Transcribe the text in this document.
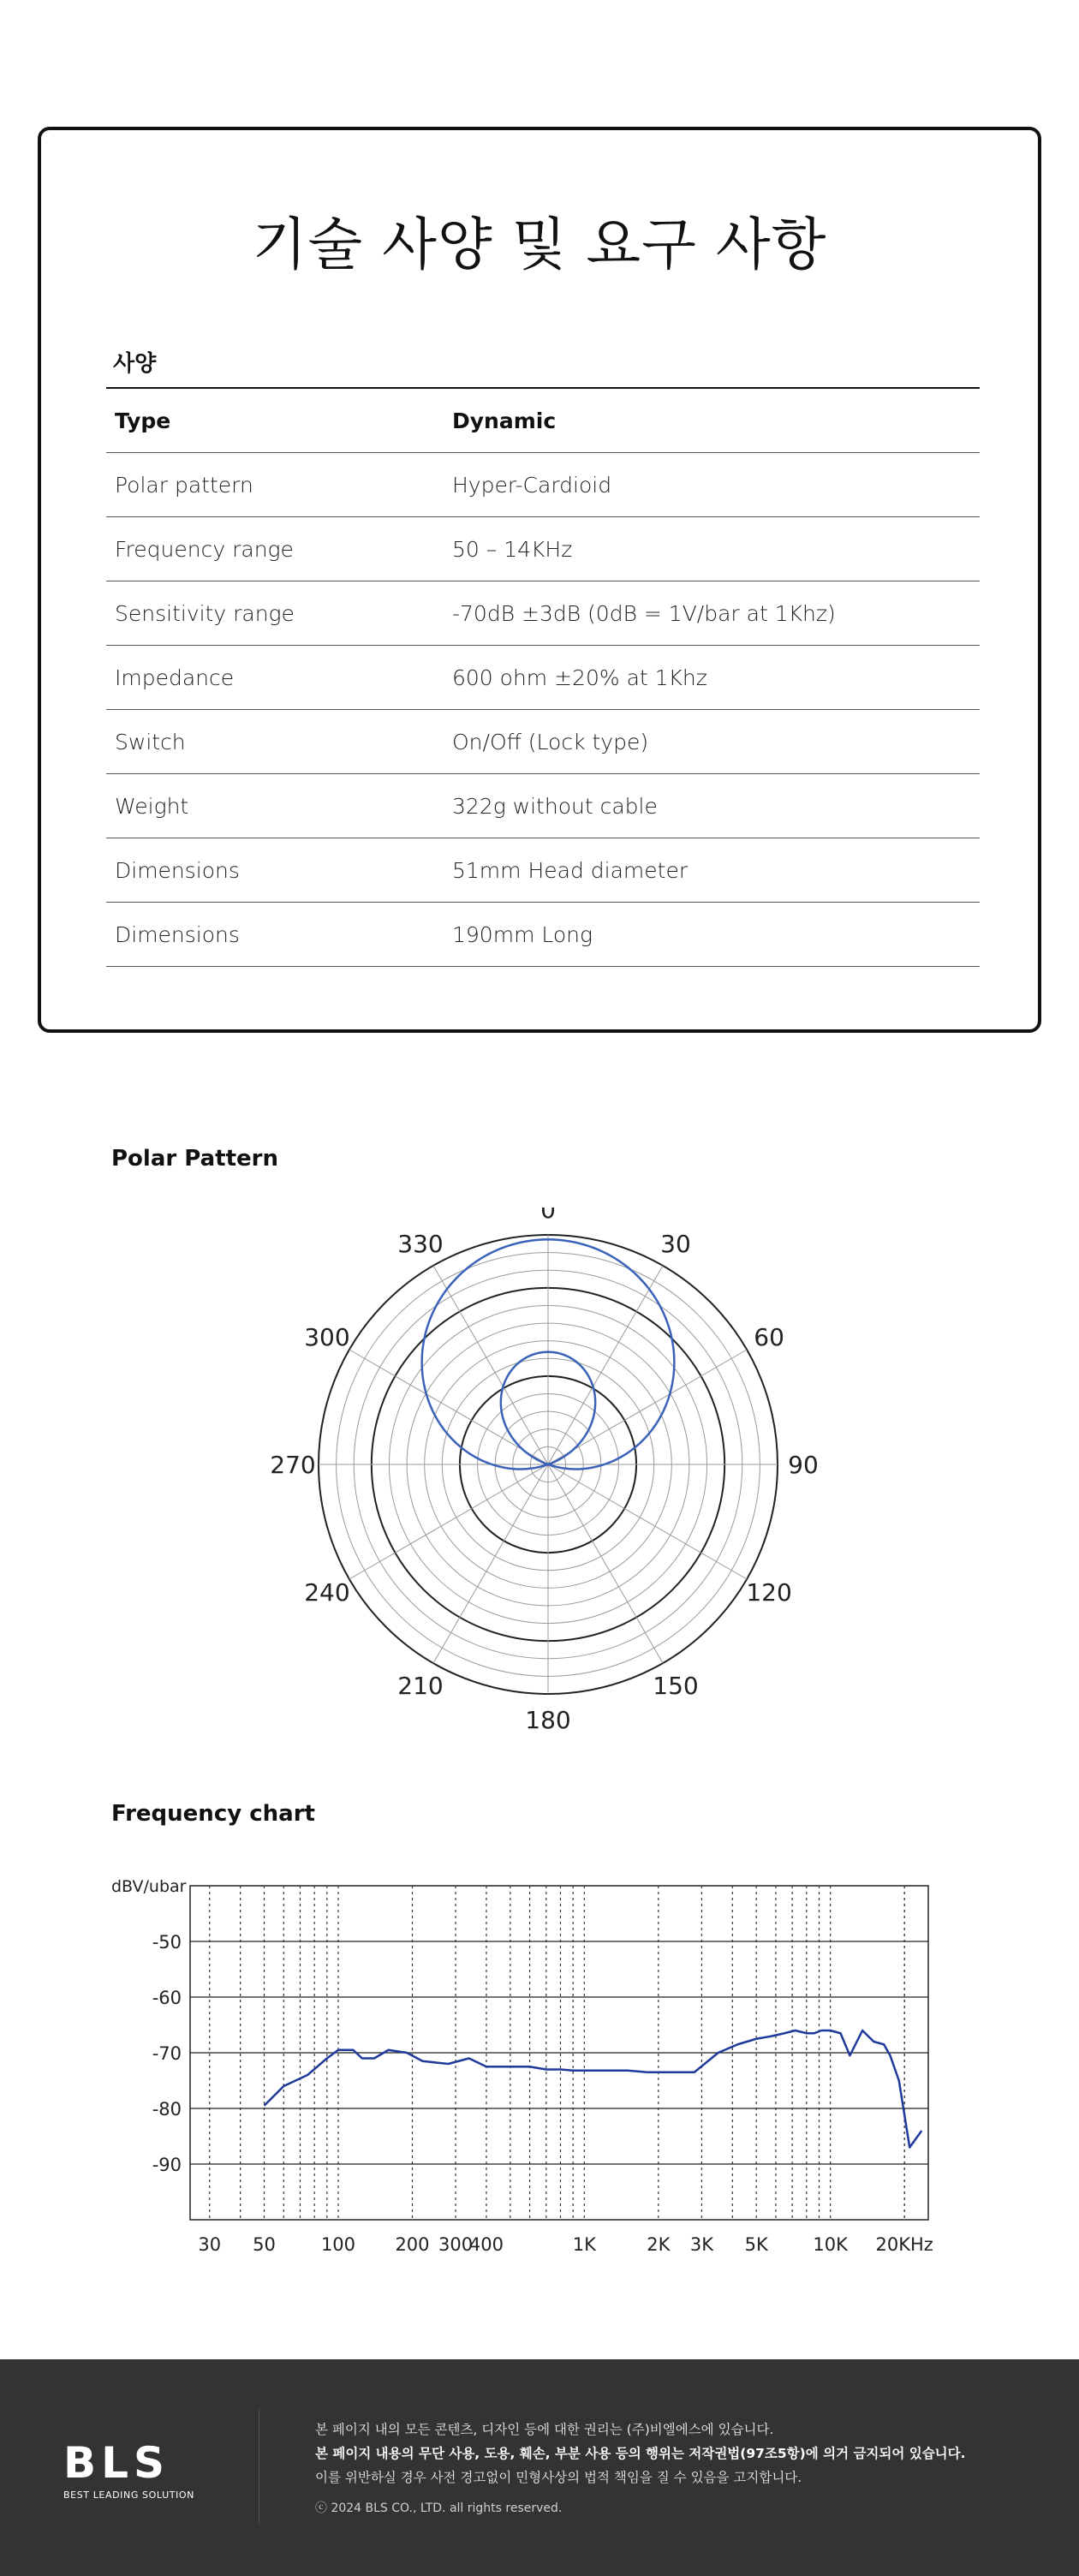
기술 사양 및 요구 사항
사양
Type	Dynamic
Polar pattern	Hyper-Cardioid
Frequency range	50 – 14KHz
Sensitivity range	-70dB ±3dB (0dB = 1V/bar at 1Khz)
Impedance	600 ohm ±20% at 1Khz
Switch	On/Off (Lock type)
Weight	322g without cable
Dimensions	51mm Head diameter
Dimensions	190mm Long
Polar Pattern
0
30
60
90
120
150
180
210
240
270
300
330
Frequency chart
-50
-60
-70
-80
-90
dBV/ubar
30 50	100 200 300
400	1K	2K 3K 5K	10K 20KHz
BLS
BEST LEADING SOLUTION
본 페이지 내의 모든 콘텐츠, 디자인 등에 대한 권리는 (주)비엘에스에 있습니다.
본 페이지 내용의 무단 사용, 도용, 훼손, 부분 사용 등의 행위는 저작권법(97조5항)에 의거 금지되어 있습니다.
이를 위반하실 경우 사전 경고없이 민형사상의 법적 책임을 질 수 있음을 고지합니다.
ⓒ 2024 BLS CO., LTD. all rights reserved.
